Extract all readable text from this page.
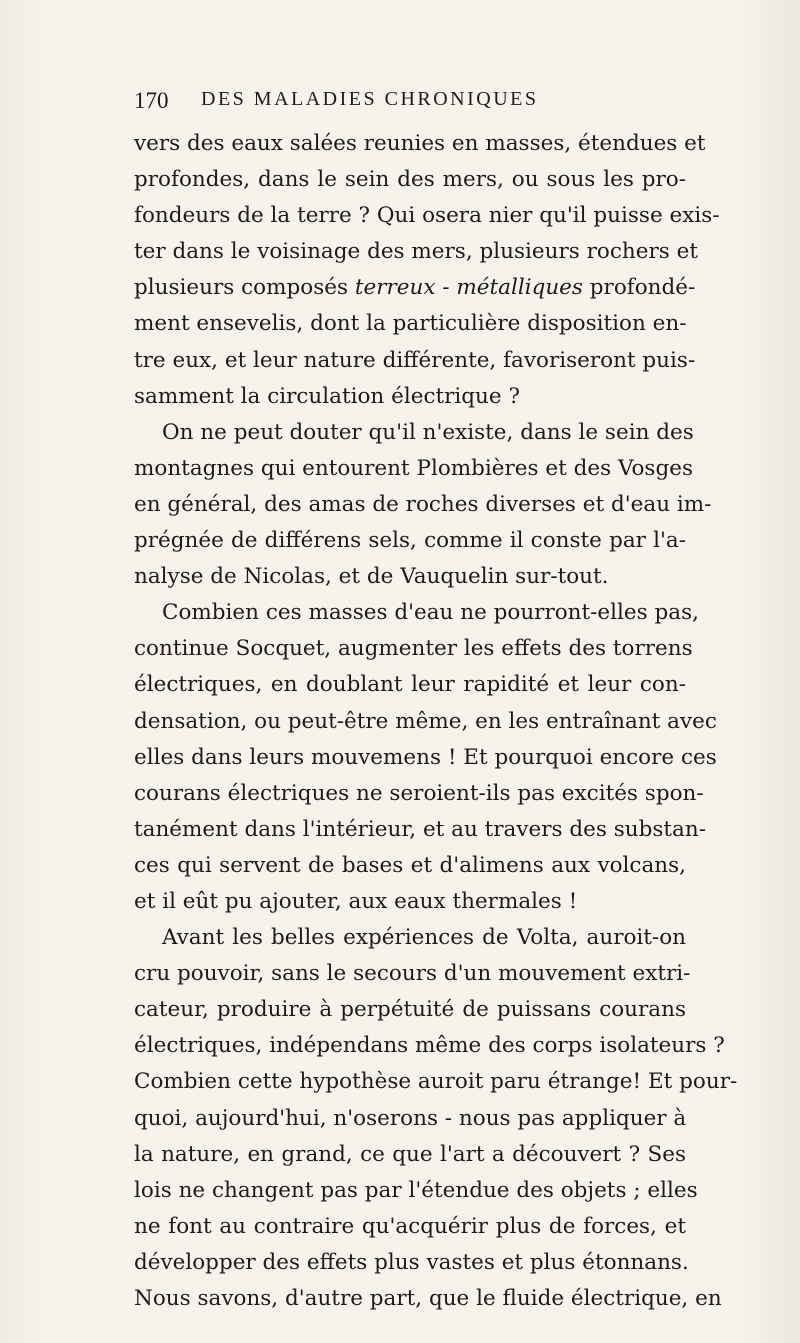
170 DES MALADIES CHRONIQUES
vers des eaux salées reunies en masses, étendues et
profondes, dans le sein des mers, ou sous les pro-
fondeurs de la terre ? Qui osera nier qu'il puisse exis-
ter dans le voisinage des mers, plusieurs rochers et
plusieurs composés terreux - métalliques profondé-
ment ensevelis, dont la particulière disposition en-
tre eux, et leur nature différente, favoriseront puis-
samment la circulation électrique ?
On ne peut douter qu'il n'existe, dans le sein des
montagnes qui entourent Plombières et des Vosges
en général, des amas de roches diverses et d'eau im-
prégnée de différens sels, comme il conste par l'a-
nalyse de Nicolas, et de Vauquelin sur-tout.
Combien ces masses d'eau ne pourront-elles pas,
continue Socquet, augmenter les effets des torrens
électriques, en doublant leur rapidité et leur con-
densation, ou peut-être même, en les entraînant avec
elles dans leurs mouvemens ! Et pourquoi encore ces
courans électriques ne seroient-ils pas excités spon-
tanément dans l'intérieur, et au travers des substan-
ces qui servent de bases et d'alimens aux volcans,
et il eût pu ajouter, aux eaux thermales !
Avant les belles expériences de Volta, auroit-on
cru pouvoir, sans le secours d'un mouvement extri-
cateur, produire à perpétuité de puissans courans
électriques, indépendans même des corps isolateurs ?
Combien cette hypothèse auroit paru étrange! Et pour-
quoi, aujourd'hui, n'oserons - nous pas appliquer à
la nature, en grand, ce que l'art a découvert ? Ses
lois ne changent pas par l'étendue des objets ; elles
ne font au contraire qu'acquérir plus de forces, et
développer des effets plus vastes et plus étonnans.
Nous savons, d'autre part, que le fluide électrique, en
